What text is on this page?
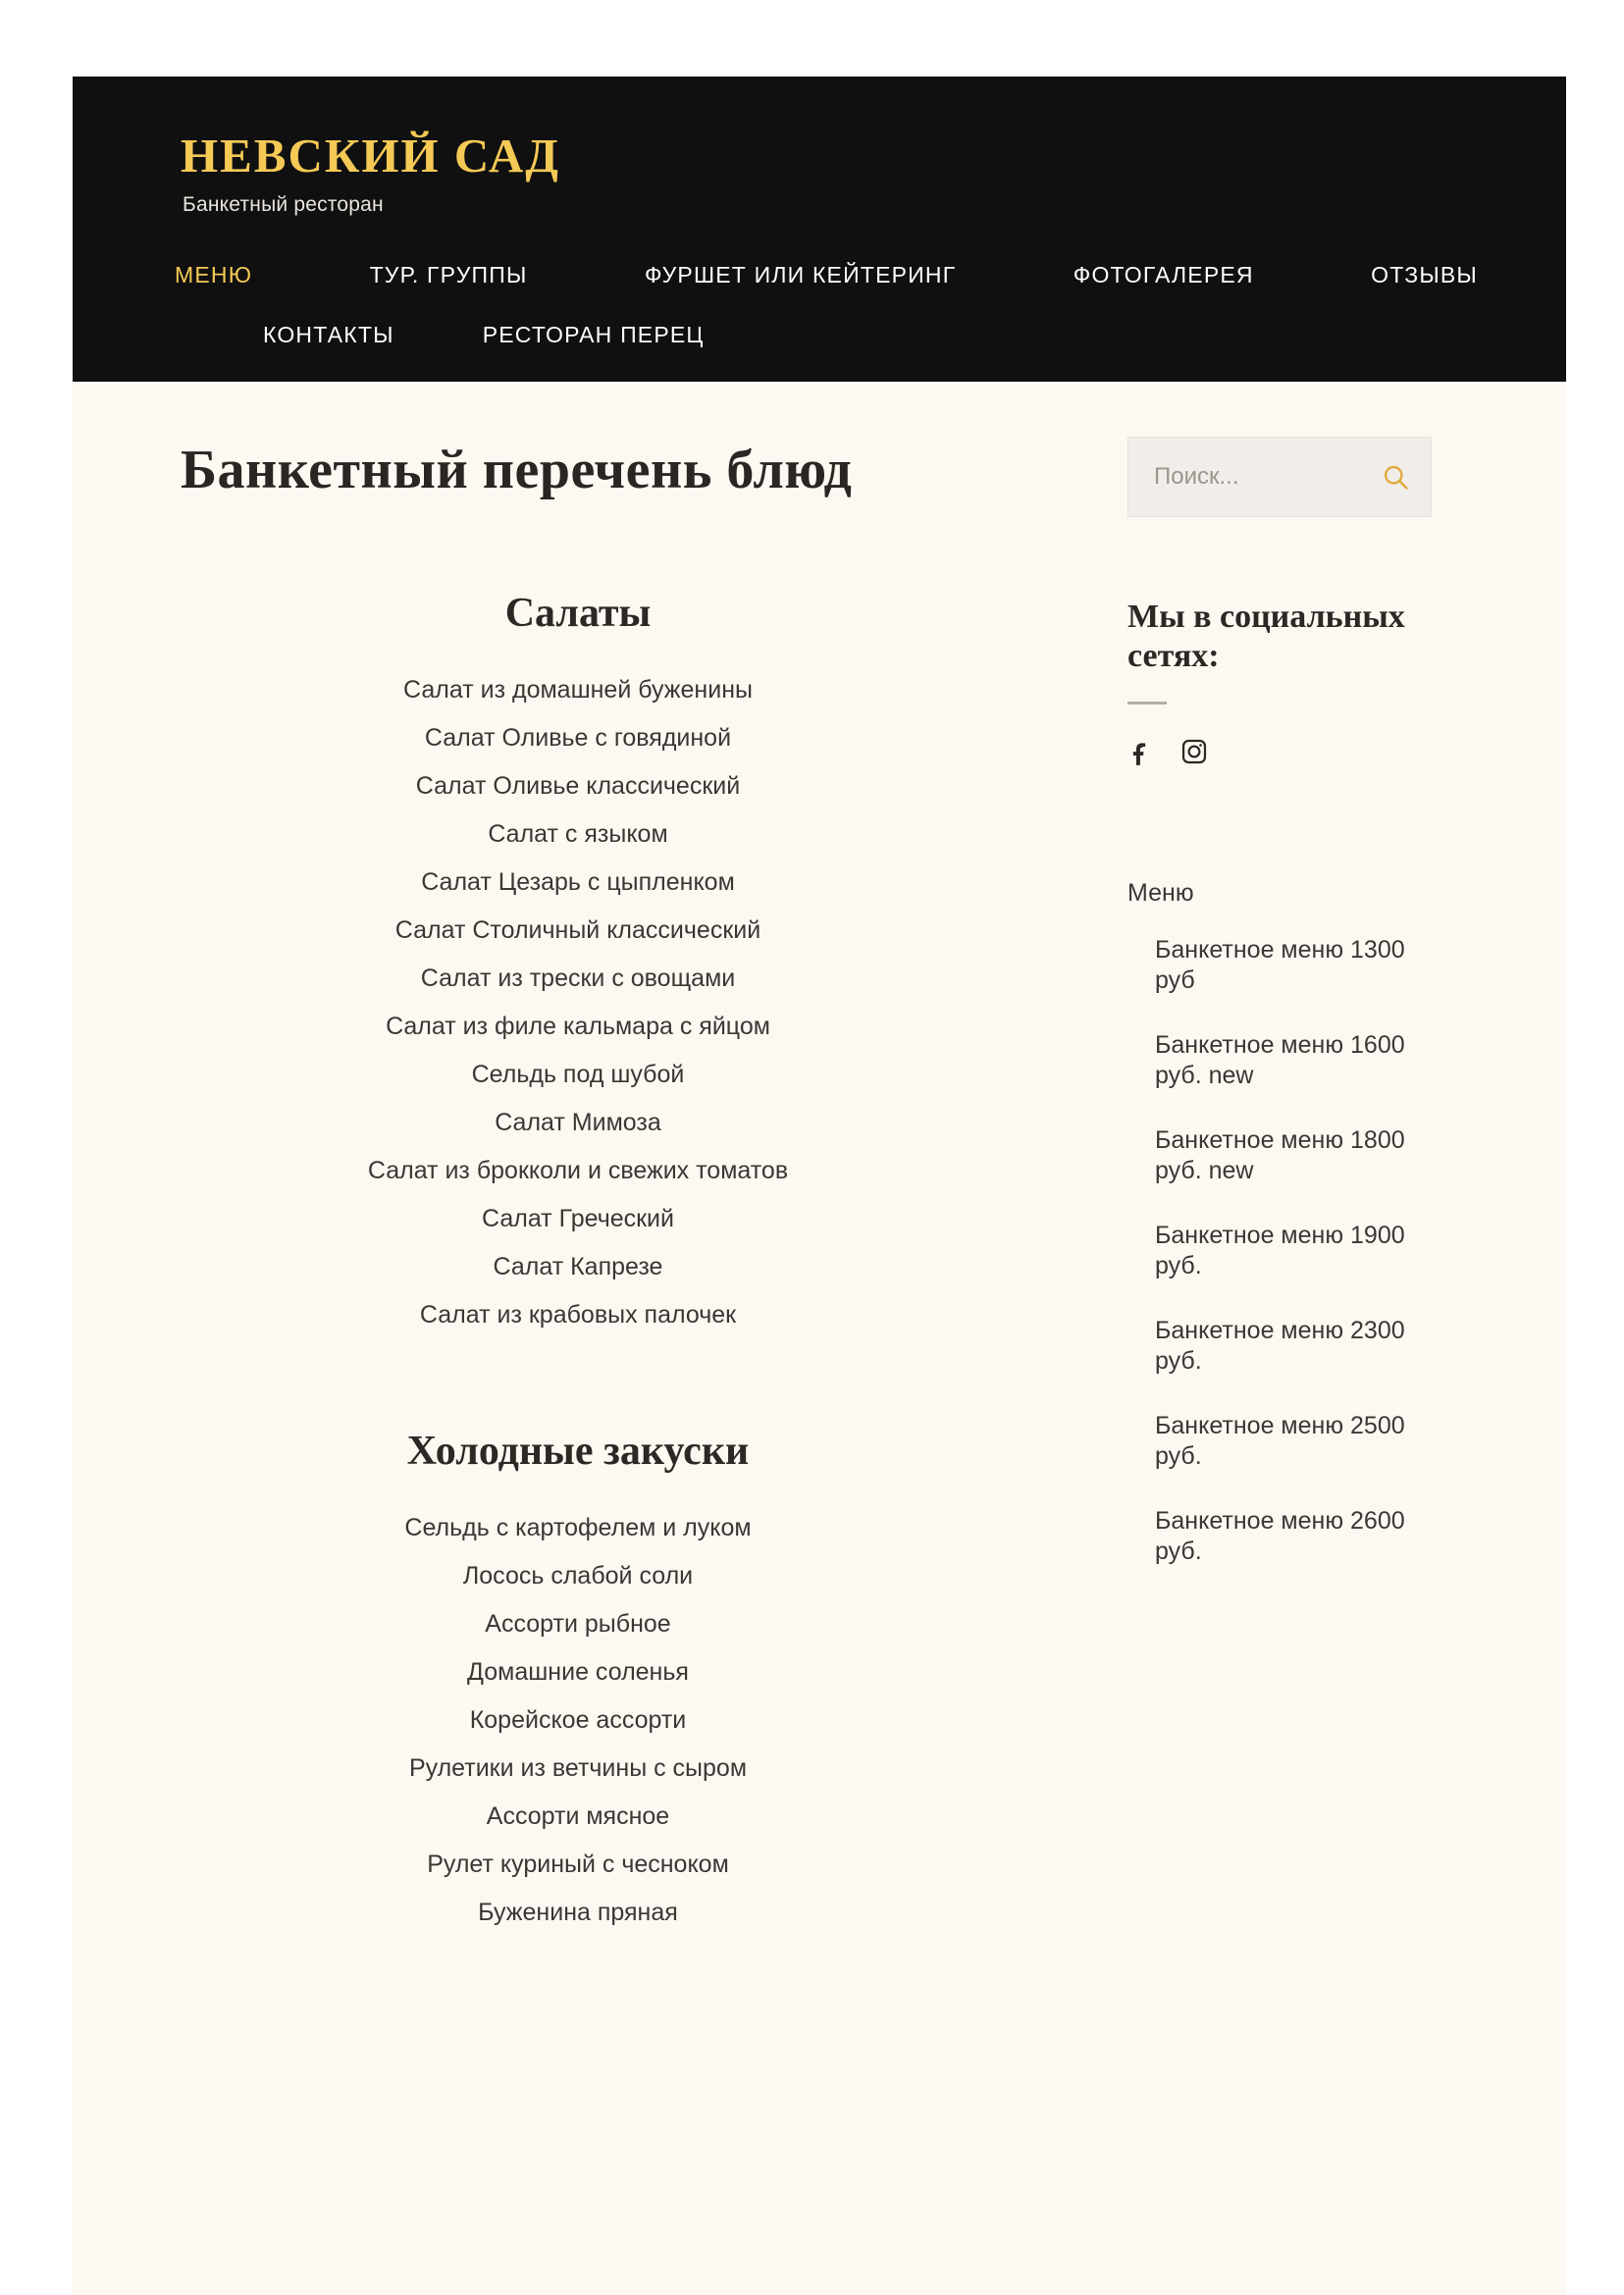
НЕВСКИЙ САД
Банкетный ресторан
МЕНЮ	ТУР. ГРУППЫ	ФУРШЕТ ИЛИ КЕЙТЕРИНГ	ФОТОГАЛЕРЕЯ	ОТЗЫВЫ
КОНТАКТЫ	РЕСТОРАН ПЕРЕЦ
Банкетный перечень блюд
Салаты
Салат из домашней буженины
Салат Оливье с говядиной
Салат Оливье классический
Салат с языком
Салат Цезарь с цыпленком
Салат Столичный классический
Салат из трески с овощами
Салат из филе кальмара с яйцом
Сельдь под шубой
Салат Мимоза
Салат из брокколи и свежих томатов
Салат Греческий
Салат Капрезе
Салат из крабовых палочек
Холодные закуски
Сельдь с картофелем и луком
Лосось слабой соли
Ассорти рыбное
Домашние соленья
Корейское ассорти
Рулетики из ветчины с сыром
Ассорти мясное
Рулет куриный с чесноком
Буженина пряная
Поиск...
Мы в социальных сетях:
Меню
Банкетное меню 1300 руб
Банкетное меню 1600 руб. new
Банкетное меню 1800 руб. new
Банкетное меню 1900 руб.
Банкетное меню 2300 руб.
Банкетное меню 2500 руб.
Банкетное меню 2600 руб.
